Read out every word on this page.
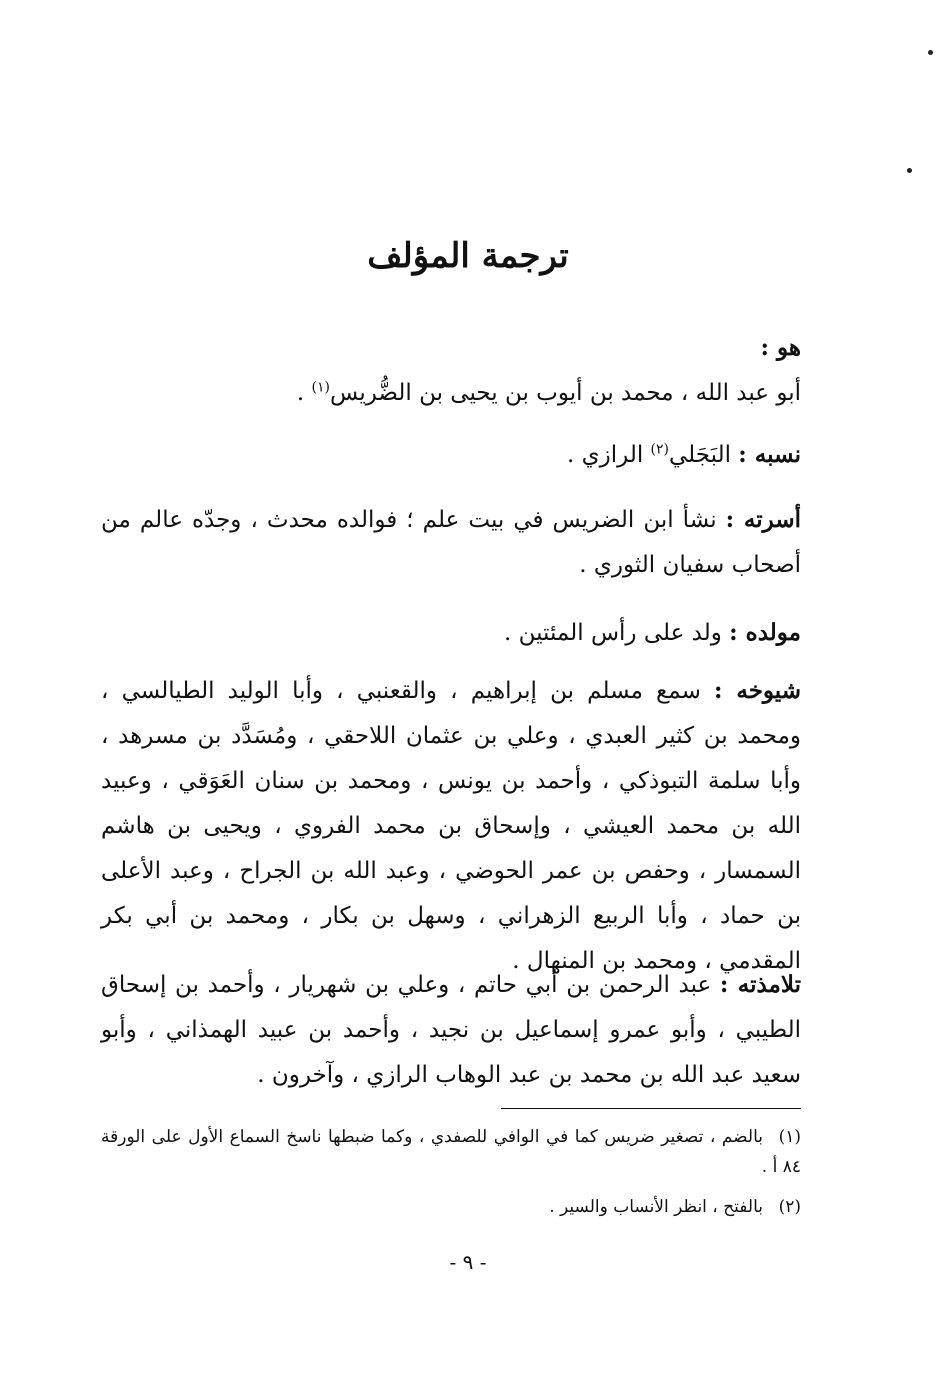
ترجمة المؤلف
هو :
أبو عبد الله ، محمد بن أيوب بن يحيى بن الضُّريس$^{(١)}$ .
نسبه : البَجَلي$^{(٢)}$ الرازي .
أسرته : نشأ ابن الضريس في بيت علم ؛ فوالده محدث ، وجدّه عالم من أصحاب سفيان الثوري .
مولده : ولد على رأس المئتين .
شيوخه : سمع مسلم بن إبراهيم ، والقعنبي ، وأبا الوليد الطيالسي ، ومحمد بن كثير العبدي ، وعلي بن عثمان اللاحقي ، ومُسَدَّد بن مسرهد ، وأبا سلمة التبوذكي ، وأحمد بن يونس ، ومحمد بن سنان العَوَقي ، وعبيد الله بن محمد العيشي ، وإسحاق بن محمد الفروي ، ويحيى بن هاشم السمسار ، وحفص بن عمر الحوضي ، وعبد الله بن الجراح ، وعبد الأعلى بن حماد ، وأبا الربيع الزهراني ، وسهل بن بكار ، ومحمد بن أبي بكر المقدمي ، ومحمد بن المنهال .
تلامذته : عبد الرحمن بن أبي حاتم ، وعلي بن شهريار ، وأحمد بن إسحاق الطيبي ، وأبو عمرو إسماعيل بن نجيد ، وأحمد بن عبيد الهمذاني ، وأبو سعيد عبد الله بن محمد بن عبد الوهاب الرازي ، وآخرون .
(١)بالضم ، تصغير ضريس كما في الوافي للصفدي ، وكما ضبطها ناسخ السماع الأول على الورقة ٨٤ أ .
(٢)بالفتح ، انظر الأنساب والسير .
- ٩ -
